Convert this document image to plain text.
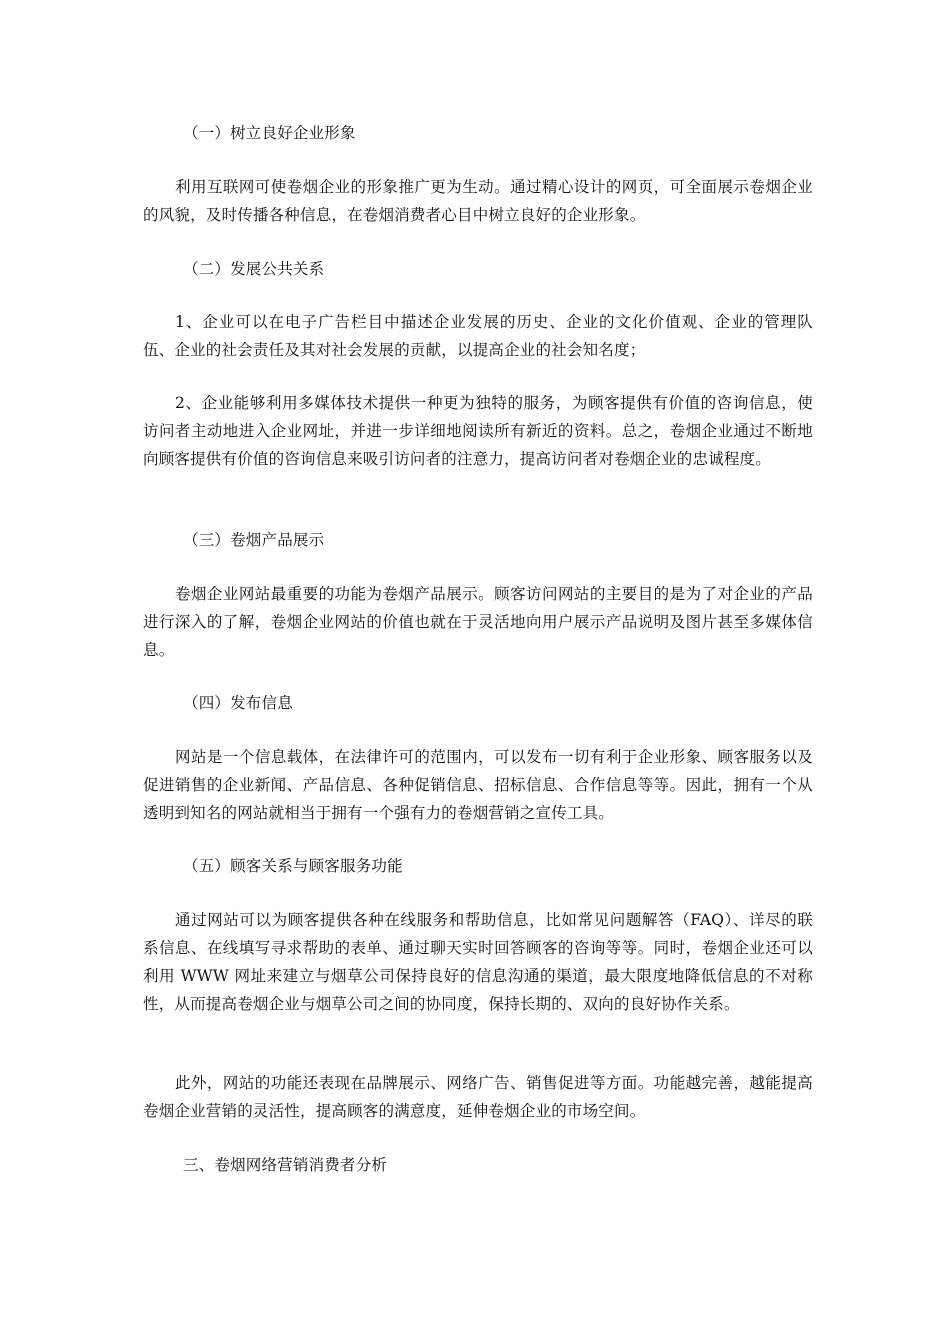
（一）树立良好企业形象

利用互联网可使卷烟企业的形象推广更为生动。通过精心设计的网页，可全面展示卷烟企业的风貌，及时传播各种信息，在卷烟消费者心目中树立良好的企业形象。

（二）发展公共关系

1、企业可以在电子广告栏目中描述企业发展的历史、企业的文化价值观、企业的管理队伍、企业的社会责任及其对社会发展的贡献，以提高企业的社会知名度；

2、企业能够利用多媒体技术提供一种更为独特的服务，为顾客提供有价值的咨询信息，使访问者主动地进入企业网址，并进一步详细地阅读所有新近的资料。总之，卷烟企业通过不断地向顾客提供有价值的咨询信息来吸引访问者的注意力，提高访问者对卷烟企业的忠诚程度。

（三）卷烟产品展示

卷烟企业网站最重要的功能为卷烟产品展示。顾客访问网站的主要目的是为了对企业的产品进行深入的了解，卷烟企业网站的价值也就在于灵活地向用户展示产品说明及图片甚至多媒体信息。

（四）发布信息

网站是一个信息载体，在法律许可的范围内，可以发布一切有利于企业形象、顾客服务以及促进销售的企业新闻、产品信息、各种促销信息、招标信息、合作信息等等。因此，拥有一个从透明到知名的网站就相当于拥有一个强有力的卷烟营销之宣传工具。

（五）顾客关系与顾客服务功能

通过网站可以为顾客提供各种在线服务和帮助信息，比如常见问题解答（FAQ）、详尽的联系信息、在线填写寻求帮助的表单、通过聊天实时回答顾客的咨询等等。同时，卷烟企业还可以利用 WWW 网址来建立与烟草公司保持良好的信息沟通的渠道，最大限度地降低信息的不对称性，从而提高卷烟企业与烟草公司之间的协同度，保持长期的、双向的良好协作关系。

此外，网站的功能还表现在品牌展示、网络广告、销售促进等方面。功能越完善，越能提高卷烟企业营销的灵活性，提高顾客的满意度，延伸卷烟企业的市场空间。

三、卷烟网络营销消费者分析
